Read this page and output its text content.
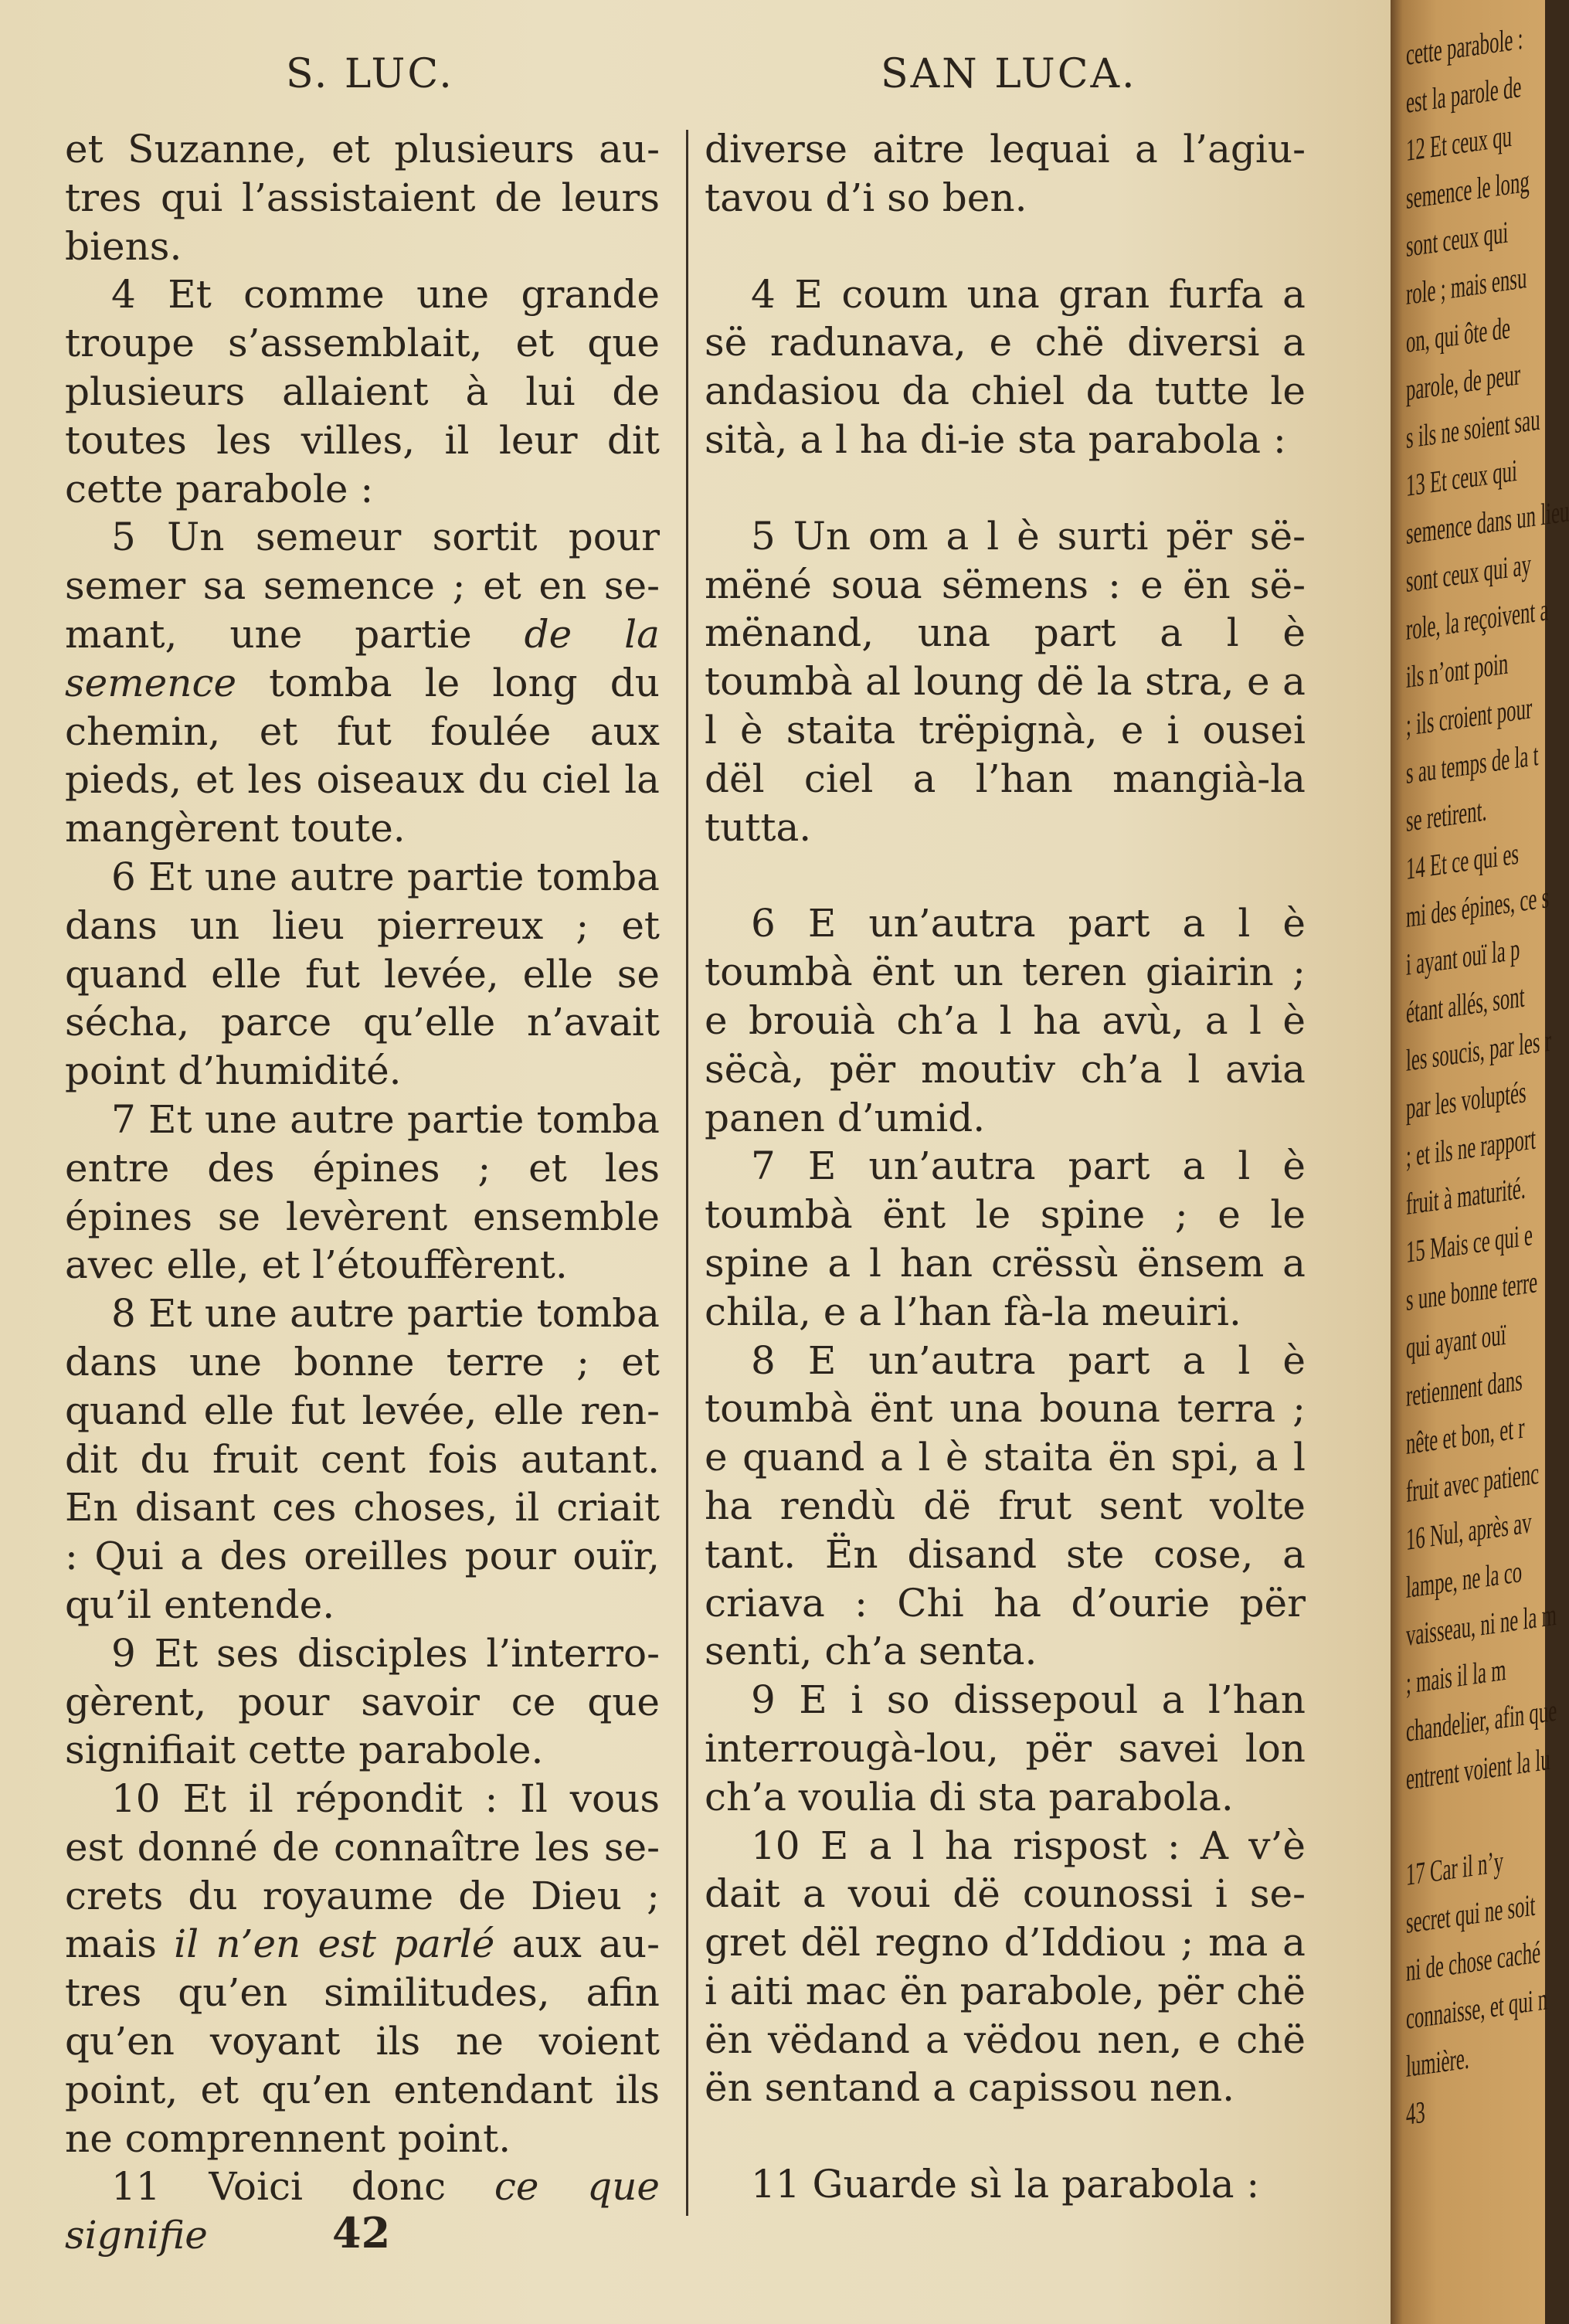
S. LUC.	SAN LUCA.

et Suzanne, et plusieurs autres qui l’assistaient de leurs biens.

4 Et comme une grande troupe s’assemblait, et que plusieurs allaient à lui de toutes les villes, il leur dit cette parabole :

5 Un semeur sortit pour semer sa semence ; et en semant, une partie de la semence tomba le long du chemin, et fut foulée aux pieds, et les oiseaux du ciel la mangèrent toute.

6 Et une autre partie tomba dans un lieu pierreux ; et quand elle fut levée, elle se sécha, parce qu’elle n’avait point d’humidité.

7 Et une autre partie tomba entre des épines ; et les épines se levèrent ensemble avec elle, et l’étouffèrent.

8 Et une autre partie tomba dans une bonne terre ; et quand elle fut levée, elle rendit du fruit cent fois autant. En disant ces choses, il criait : Qui a des oreilles pour ouïr, qu’il entende.

9 Et ses disciples l’interrogèrent, pour savoir ce que signifiait cette parabole.

10 Et il répondit : Il vous est donné de connaître les secrets du royaume de Dieu ; mais il n’en est parlé aux autres qu’en similitudes, afin qu’en voyant ils ne voient point, et qu’en entendant ils ne comprennent point.

11 Voici donc ce que signifie

diverse aitre lequai a l’agiutavou d’i so ben.

4 E coum una gran furfa a së radunava, e chë diversi a andasiou da chiel da tutte le sità, a l ha di-ie sta parabola :

5 Un om a l è surti për sëmëné soua sëmens : e ën sëmënand, una part a l è toumbà al loung dë la stra, e a l è staita trëpignà, e i ousei dël ciel a l’han mangià-la tutta.

6 E un’autra part a l è toumbà ënt un teren giairin ; e brouià ch’a l ha avù, a l è sëcà, për moutiv ch’a l avia panen d’umid.

7 E un’autra part a l è toumbà ënt le spine ; e le spine a l han crëssù ënsem a chila, e a l’han fà-la meuiri.

8 E un’autra part a l è toumbà ënt una bouna terra ; e quand a l è staita ën spi, a l ha rendù dë frut sent volte tant. Ën disand ste cose, a criava : Chi ha d’ourie për senti, ch’a senta.

9 E i so dissepoul a l’han interrougà-lou, për savei lon ch’a voulia di sta parabola.

10 E a l ha rispost : A v’è dait a voui dë counossi i segret dël regno d’Iddiou ; ma a i aiti mac ën parabole, për chë ën vëdand a vëdou nen, e chë ën sentand a capissou nen.

11 Guarde sì la parabola :

42
cette parabole :
est la parole de
12 Et ceux qu
semence le long
sont ceux qui
role ; mais ensu
on, qui ôte de
parole, de peur
s ils ne soient sau
13 Et ceux qui
semence dans un lieu
sont ceux qui ay
role, la reçoivent a
ils n’ont poin
; ils croient pour
s au temps de la t
se retirent.
14 Et ce qui es
mi des épines, ce s
i ayant ouï la p
étant allés, sont
les soucis, par les r
par les voluptés
; et ils ne rapport
fruit à maturité.
15 Mais ce qui e
s une bonne terre
qui ayant ouï
retiennent dans
nête et bon, et r
fruit avec patienc
16 Nul, après av
lampe, ne la co
vaisseau, ni ne la m
; mais il la m
chandelier, afin que
entrent voient la lu

17 Car il n’y
secret qui ne soit
ni de chose caché
connaisse, et qui n
lumière.
43
